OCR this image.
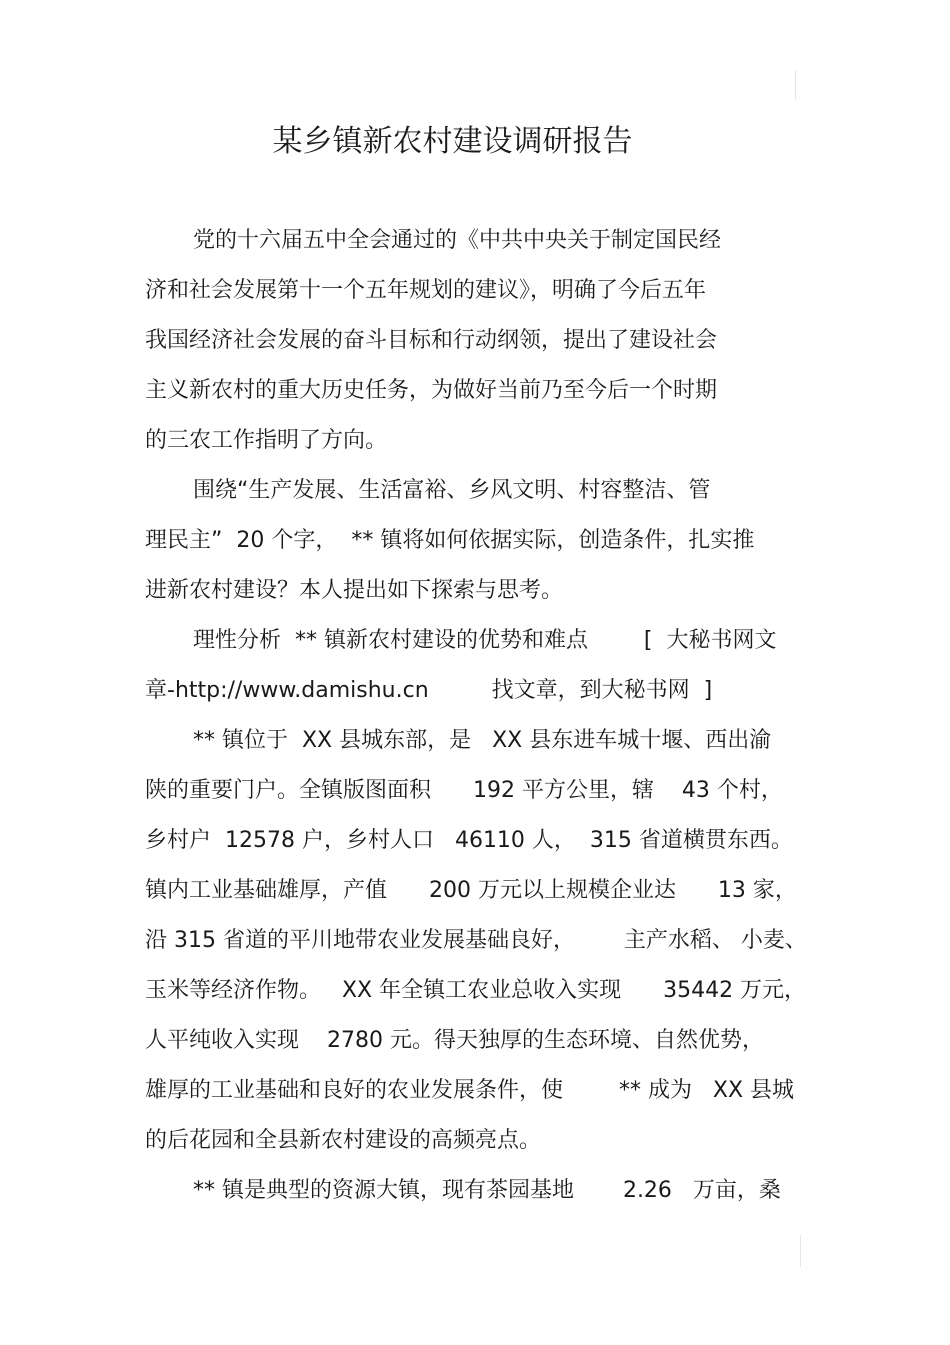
某乡镇新农村建设调研报告

党的十六届五中全会通过的《中共中央关于制定国民经

济和社会发展第十一个五年规划的建议》，明确了今后五年

我国经济社会发展的奋斗目标和行动纲领，提出了建设社会

主义新农村的重大历史任务，为做好当前乃至今后一个时期

的三农工作指明了方向。

围绕“生产发展、生活富裕、乡风文明、村容整洁、管

理民主”  20 个字，  ** 镇将如何依据实际，创造条件，扎实推

进新农村建设？本人提出如下探索与思考。

理性分析  ** 镇新农村建设的优势和难点        [  大秘书网文

章-http://www.damishu.cn         找文章，到大秘书网  ]

** 镇位于  XX 县城东部，是   XX 县东进车城十堰、西出渝

陕的重要门户。全镇版图面积      192 平方公里，辖    43 个村，

乡村户  12578 户，乡村人口   46110 人，  315 省道横贯东西。

镇内工业基础雄厚，产值      200 万元以上规模企业达      13 家，

沿 315 省道的平川地带农业发展基础良好，       主产水稻、 小麦、

玉米等经济作物。   XX 年全镇工农业总收入实现      35442 万元，

人平纯收入实现    2780 元。得天独厚的生态环境、自然优势，

雄厚的工业基础和良好的农业发展条件，使        ** 成为   XX 县城

的后花园和全县新农村建设的高频亮点。

** 镇是典型的资源大镇，现有茶园基地       2.26   万亩，桑
